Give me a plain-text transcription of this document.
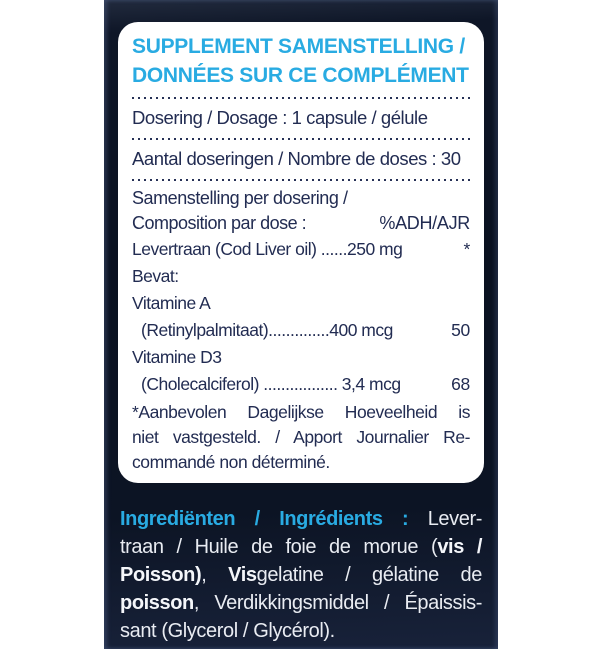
SUPPLEMENT SAMENSTELLING /
DONNÉES SUR CE COMPLÉMENT
Dosering / Dosage : 1 capsule / gélule
Aantal doseringen / Nombre de doses : 30
Samenstelling per dosering /
Composition par dose :	%ADH/AJR
Levertraan (Cod Liver oil) ......250 mg	*
Bevat:
Vitamine A
(Retinylpalmitaat)..............400 mcg	50
Vitamine D3
(Cholecalciferol) ................. 3,4 mcg	68
*Aanbevolen Dagelijkse Hoeveelheid is
niet vastgesteld. / Apport Journalier Re-
commandé non déterminé.
Ingrediënten / Ingrédients : Lever-
traan / Huile de foie de morue (vis /
Poisson), Visgelatine / gélatine de
poisson, Verdikkingsmiddel / Épaissis-
sant (Glycerol / Glycérol).
